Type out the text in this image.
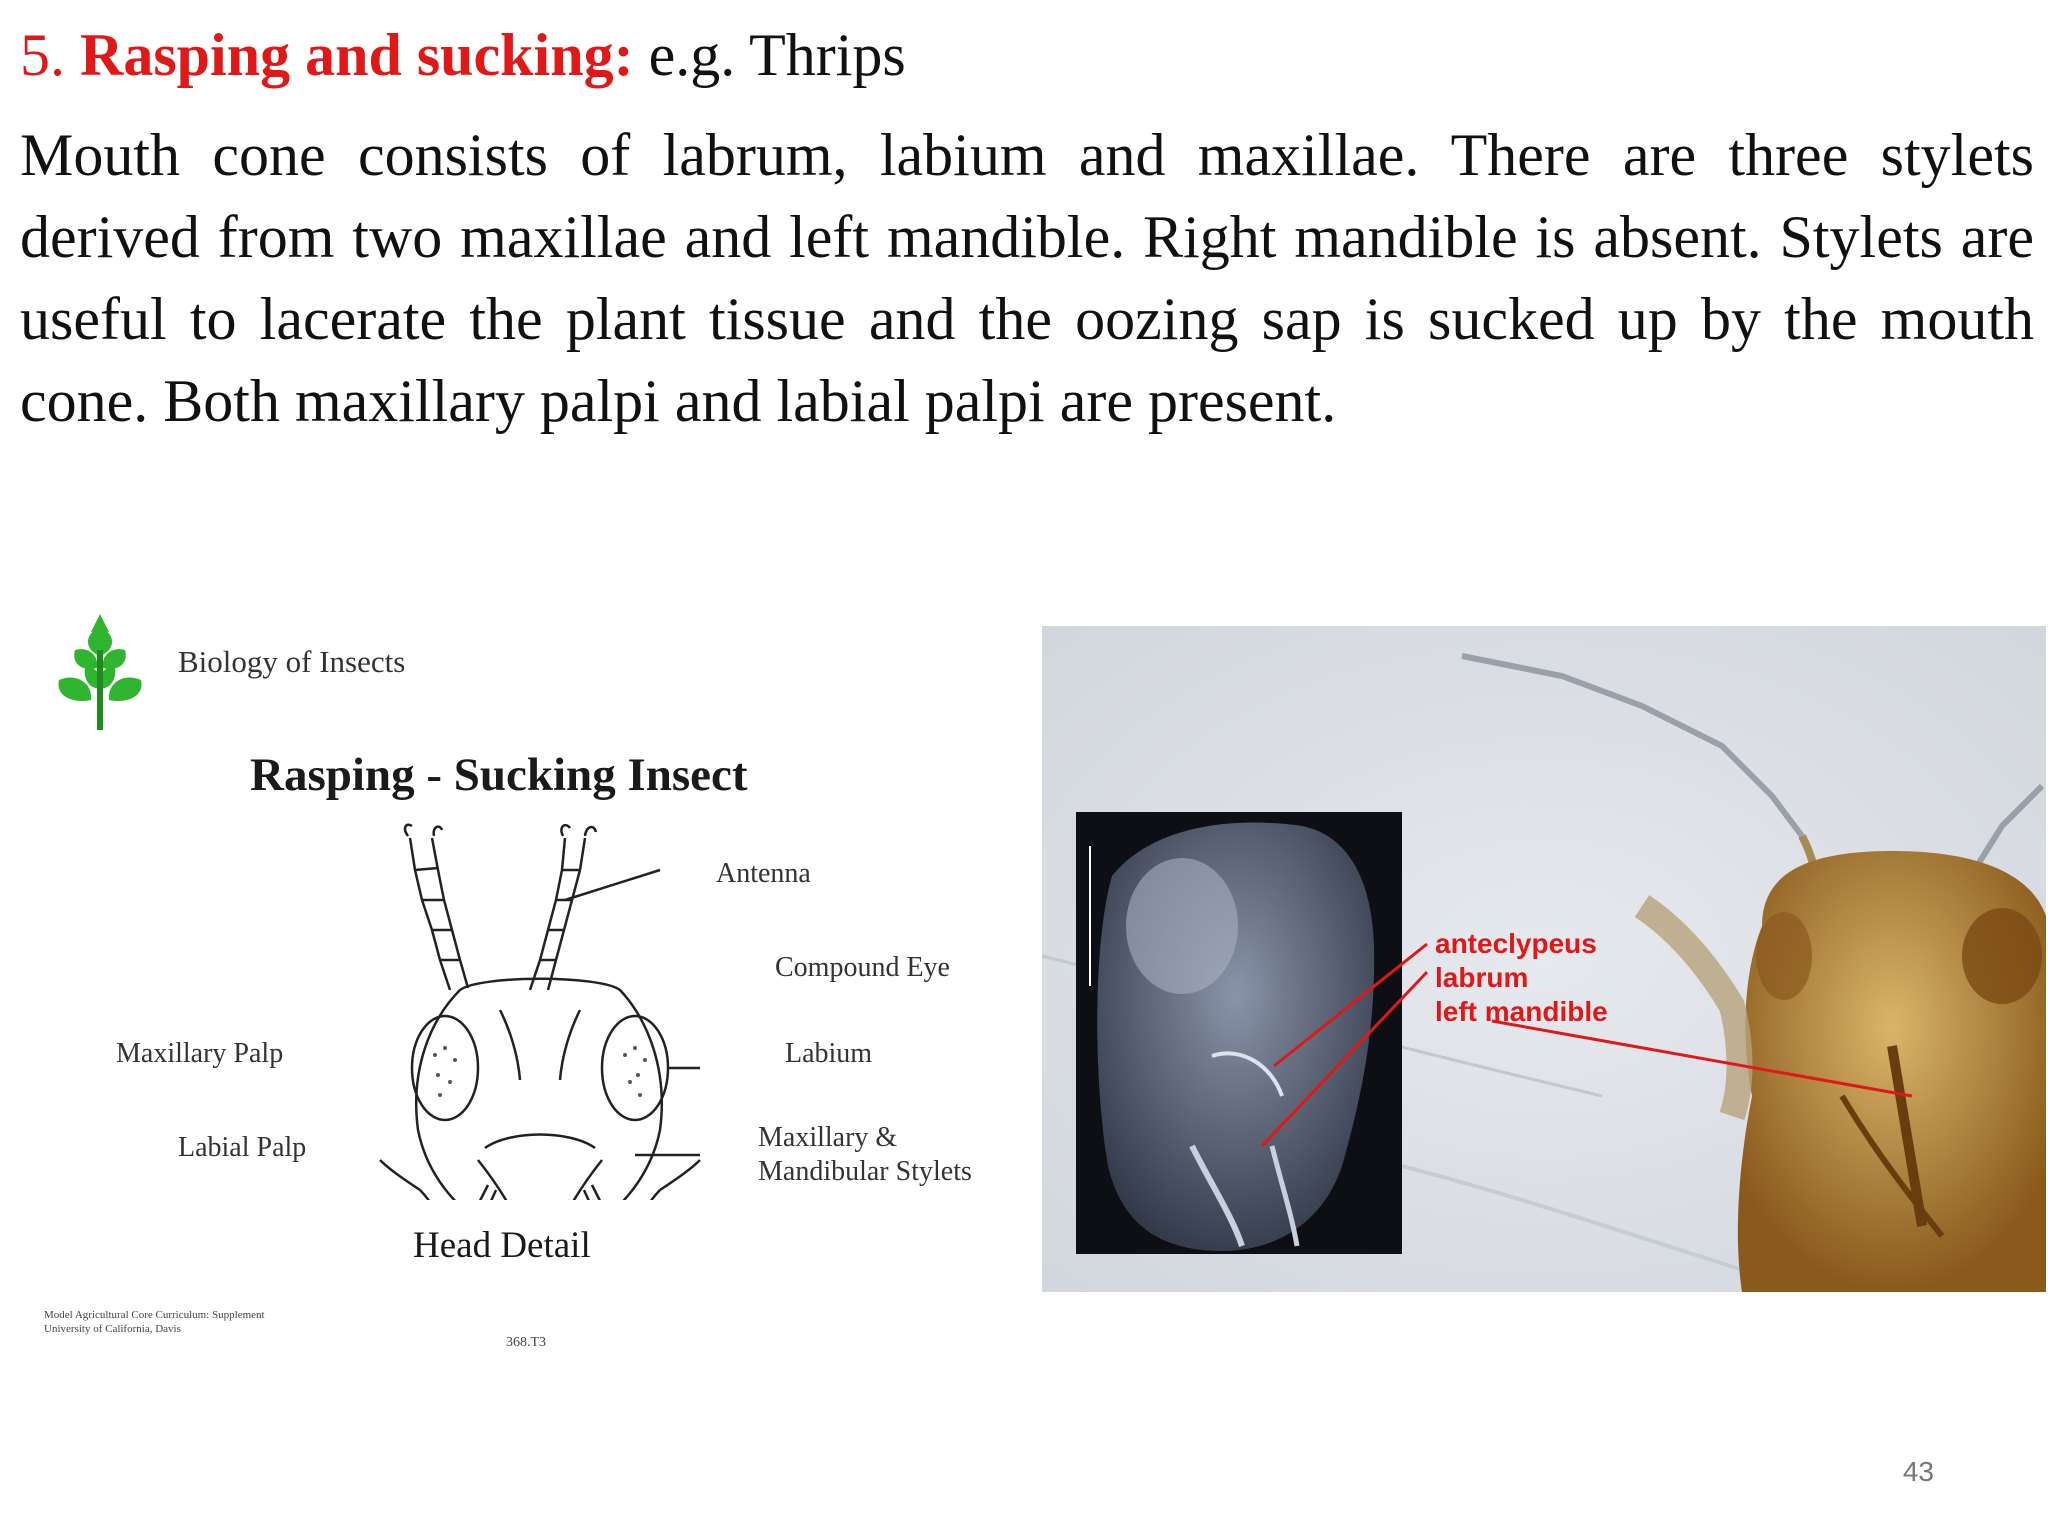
5. Rasping and sucking: e.g. Thrips
Mouth cone consists of labrum, labium and maxillae. There are three stylets derived from two maxillae and left mandible. Right mandible is absent. Stylets are useful to lacerate the plant tissue and the oozing sap is sucked up by the mouth cone. Both maxillary palpi and labial palpi are present.
Biology of Insects
Rasping - Sucking Insect
Antenna
Compound Eye
Labium
Maxillary Palp
Labial Palp	Maxillary &
Mandibular Stylets
Head Detail
Model Agricultural Core Curriculum: Supplement
University of California, Davis
368.T3
anteclypeus
labrum
left mandible
43
